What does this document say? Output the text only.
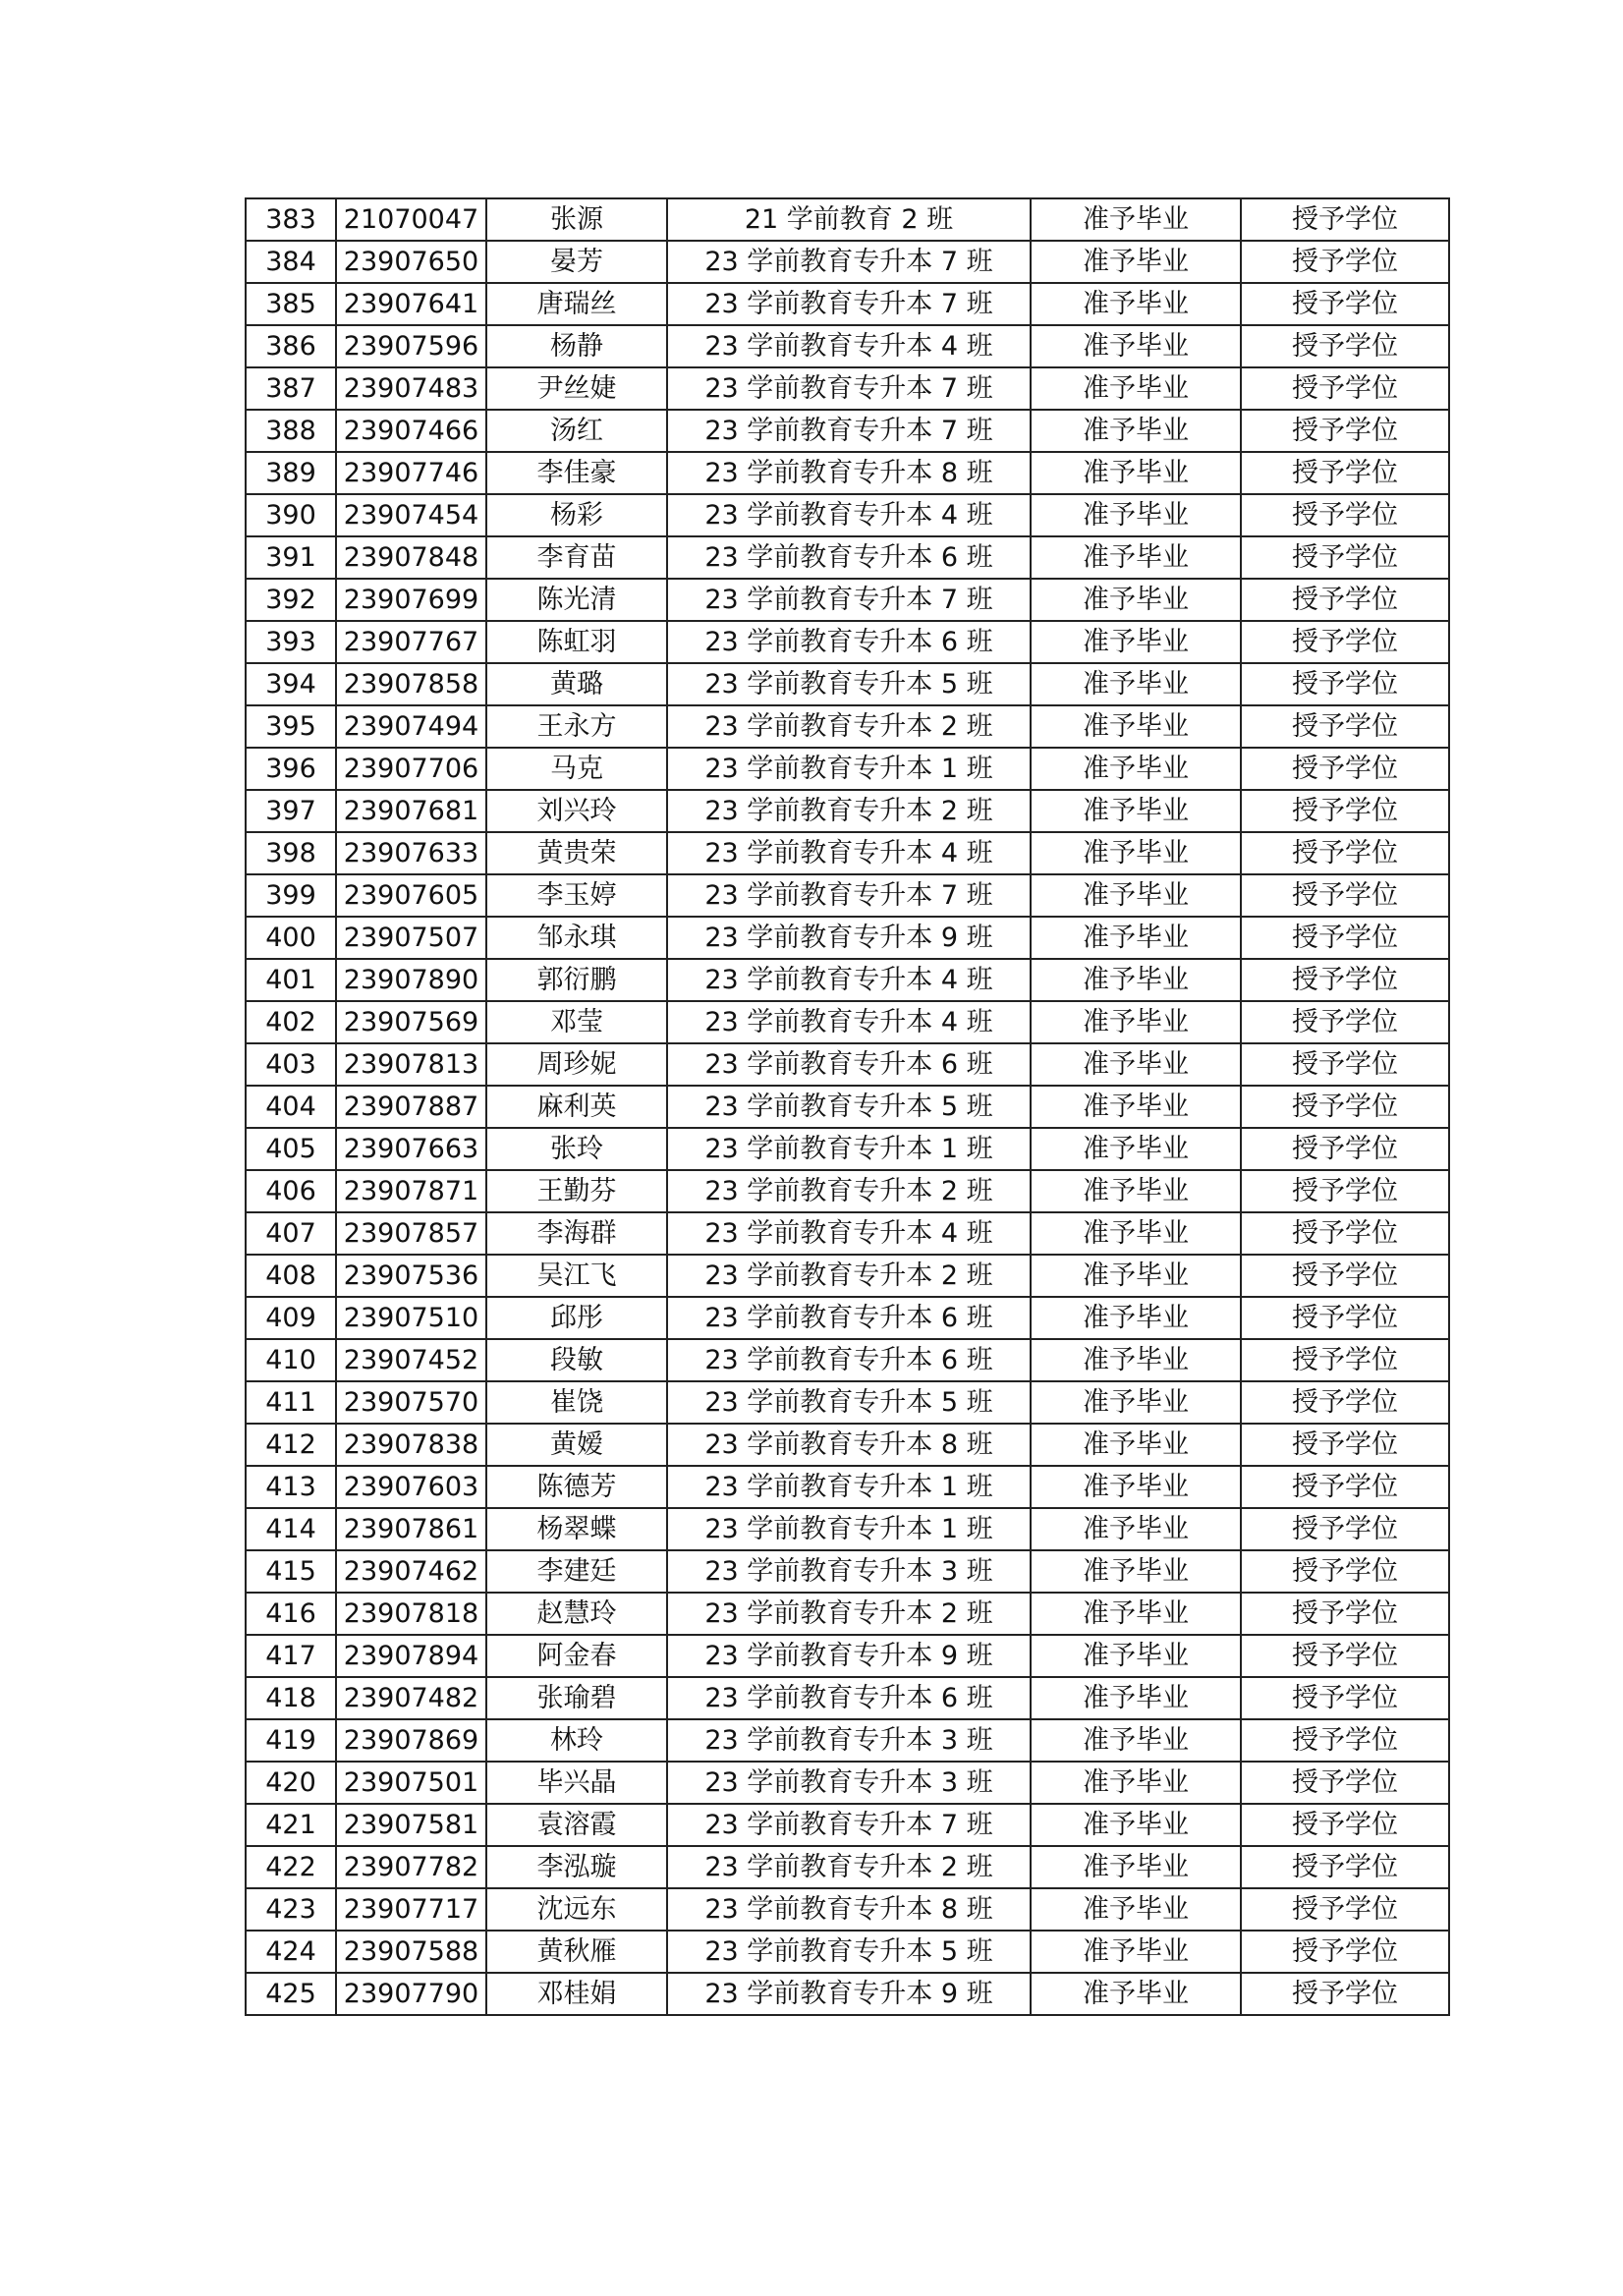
383	21070047	张源	21 学前教育 2 班	准予毕业	授予学位
384	23907650	晏芳	23 学前教育专升本 7 班	准予毕业	授予学位
385	23907641	唐瑞丝	23 学前教育专升本 7 班	准予毕业	授予学位
386	23907596	杨静	23 学前教育专升本 4 班	准予毕业	授予学位
387	23907483	尹丝婕	23 学前教育专升本 7 班	准予毕业	授予学位
388	23907466	汤红	23 学前教育专升本 7 班	准予毕业	授予学位
389	23907746	李佳豪	23 学前教育专升本 8 班	准予毕业	授予学位
390	23907454	杨彩	23 学前教育专升本 4 班	准予毕业	授予学位
391	23907848	李育苗	23 学前教育专升本 6 班	准予毕业	授予学位
392	23907699	陈光清	23 学前教育专升本 7 班	准予毕业	授予学位
393	23907767	陈虹羽	23 学前教育专升本 6 班	准予毕业	授予学位
394	23907858	黄璐	23 学前教育专升本 5 班	准予毕业	授予学位
395	23907494	王永方	23 学前教育专升本 2 班	准予毕业	授予学位
396	23907706	马克	23 学前教育专升本 1 班	准予毕业	授予学位
397	23907681	刘兴玲	23 学前教育专升本 2 班	准予毕业	授予学位
398	23907633	黄贵荣	23 学前教育专升本 4 班	准予毕业	授予学位
399	23907605	李玉婷	23 学前教育专升本 7 班	准予毕业	授予学位
400	23907507	邹永琪	23 学前教育专升本 9 班	准予毕业	授予学位
401	23907890	郭衍鹏	23 学前教育专升本 4 班	准予毕业	授予学位
402	23907569	邓莹	23 学前教育专升本 4 班	准予毕业	授予学位
403	23907813	周珍妮	23 学前教育专升本 6 班	准予毕业	授予学位
404	23907887	麻利英	23 学前教育专升本 5 班	准予毕业	授予学位
405	23907663	张玲	23 学前教育专升本 1 班	准予毕业	授予学位
406	23907871	王勤芬	23 学前教育专升本 2 班	准予毕业	授予学位
407	23907857	李海群	23 学前教育专升本 4 班	准予毕业	授予学位
408	23907536	吴江飞	23 学前教育专升本 2 班	准予毕业	授予学位
409	23907510	邱彤	23 学前教育专升本 6 班	准予毕业	授予学位
410	23907452	段敏	23 学前教育专升本 6 班	准予毕业	授予学位
411	23907570	崔饶	23 学前教育专升本 5 班	准予毕业	授予学位
412	23907838	黄嫒	23 学前教育专升本 8 班	准予毕业	授予学位
413	23907603	陈德芳	23 学前教育专升本 1 班	准予毕业	授予学位
414	23907861	杨翠蝶	23 学前教育专升本 1 班	准予毕业	授予学位
415	23907462	李建廷	23 学前教育专升本 3 班	准予毕业	授予学位
416	23907818	赵慧玲	23 学前教育专升本 2 班	准予毕业	授予学位
417	23907894	阿金春	23 学前教育专升本 9 班	准予毕业	授予学位
418	23907482	张瑜碧	23 学前教育专升本 6 班	准予毕业	授予学位
419	23907869	林玲	23 学前教育专升本 3 班	准予毕业	授予学位
420	23907501	毕兴晶	23 学前教育专升本 3 班	准予毕业	授予学位
421	23907581	袁溶霞	23 学前教育专升本 7 班	准予毕业	授予学位
422	23907782	李泓璇	23 学前教育专升本 2 班	准予毕业	授予学位
423	23907717	沈远东	23 学前教育专升本 8 班	准予毕业	授予学位
424	23907588	黄秋雁	23 学前教育专升本 5 班	准予毕业	授予学位
425	23907790	邓桂娟	23 学前教育专升本 9 班	准予毕业	授予学位
